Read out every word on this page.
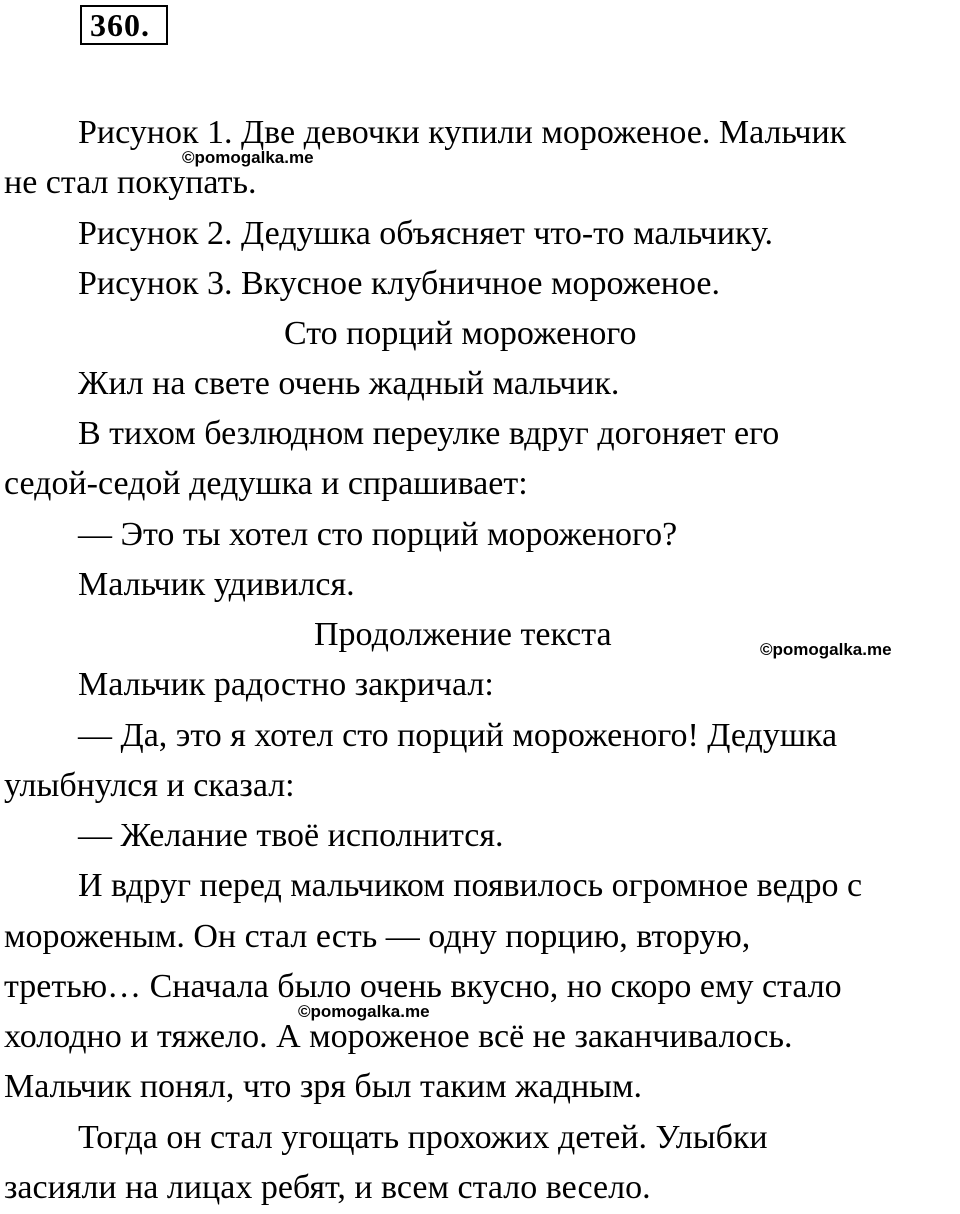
360.
Рисунок 1. Две девочки купили мороженое. Мальчик
не стал покупать.
Рисунок 2. Дедушка объясняет что-то мальчику.
Рисунок 3. Вкусное клубничное мороженое.
Сто порций мороженого
Жил на свете очень жадный мальчик.
В тихом безлюдном переулке вдруг догоняет его
седой-седой дедушка и спрашивает:
— Это ты хотел сто порций мороженого?
Мальчик удивился.
Продолжение текста
Мальчик радостно закричал:
— Да, это я хотел сто порций мороженого! Дедушка
улыбнулся и сказал:
— Желание твоё исполнится.
И вдруг перед мальчиком появилось огромное ведро с
мороженым. Он стал есть — одну порцию, вторую,
третью… Сначала было очень вкусно, но скоро ему стало
холодно и тяжело. А мороженое всё не заканчивалось.
Мальчик понял, что зря был таким жадным.
Тогда он стал угощать прохожих детей. Улыбки
засияли на лицах ребят, и всем стало весело.
©pomogalka.me
©pomogalka.me
©pomogalka.me
